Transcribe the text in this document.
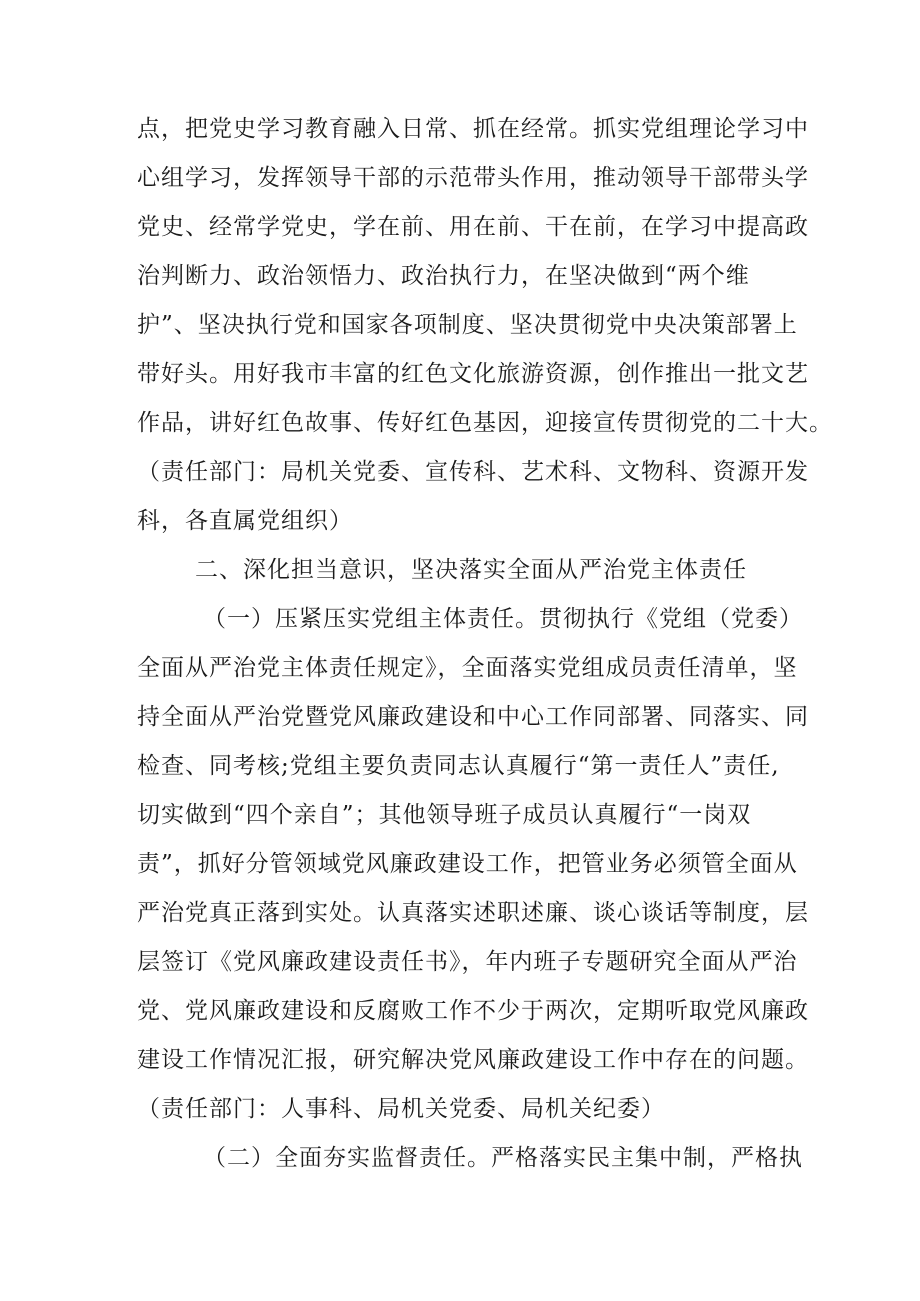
点，把党史学习教育融入日常、抓在经常。抓实党组理论学习中
心组学习，发挥领导干部的示范带头作用，推动领导干部带头学
党史、经常学党史，学在前、用在前、干在前，在学习中提高政
治判断力、政治领悟力、政治执行力，在坚决做到“两个维
护”、坚决执行党和国家各项制度、坚决贯彻党中央决策部署上
带好头。用好我市丰富的红色文化旅游资源，创作推出一批文艺
作品，讲好红色故事、传好红色基因，迎接宣传贯彻党的二十大。
（责任部门：局机关党委、宣传科、艺术科、文物科、资源开发
科，各直属党组织）
二、深化担当意识，坚决落实全面从严治党主体责任
（一）压紧压实党组主体责任。贯彻执行《党组（党委）
全面从严治党主体责任规定》，全面落实党组成员责任清单，坚
持全面从严治党暨党风廉政建设和中心工作同部署、同落实、同
检查、同考核;党组主要负责同志认真履行“第一责任人”责任,
切实做到“四个亲自”；其他领导班子成员认真履行“一岗双
责”，抓好分管领域党风廉政建设工作，把管业务必须管全面从
严治党真正落到实处。认真落实述职述廉、谈心谈话等制度，层
层签订《党风廉政建设责任书》，年内班子专题研究全面从严治
党、党风廉政建设和反腐败工作不少于两次，定期听取党风廉政
建设工作情况汇报，研究解决党风廉政建设工作中存在的问题。
（责任部门：人事科、局机关党委、局机关纪委）
（二）全面夯实监督责任。严格落实民主集中制，严格执
